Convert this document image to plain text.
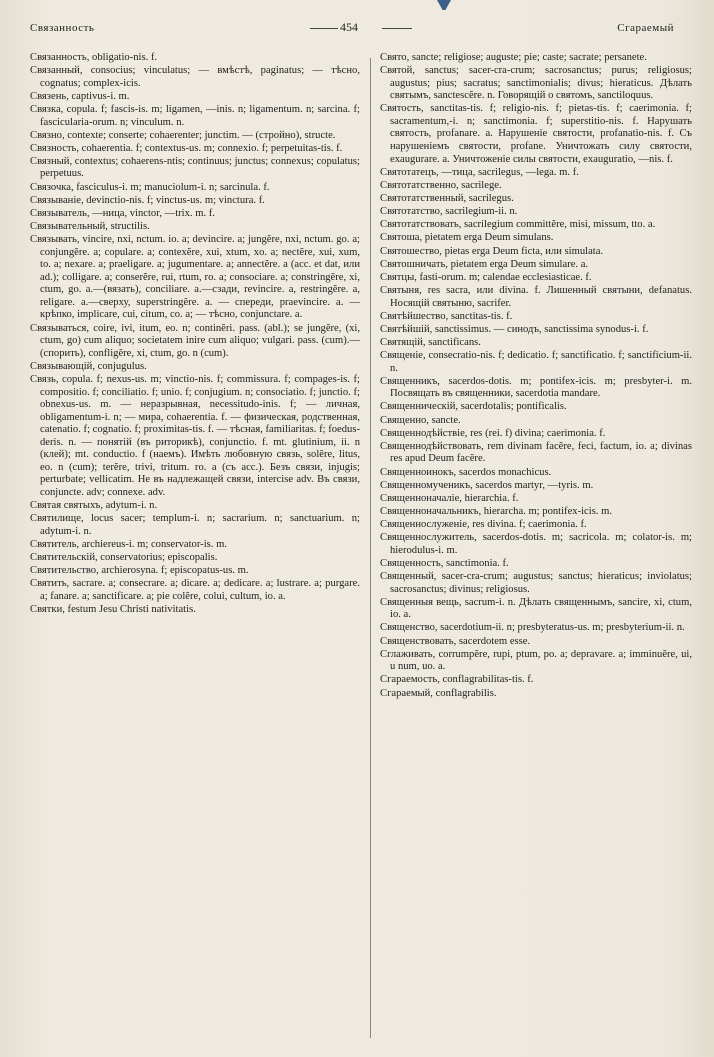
Связанность	454	Сгараемый

Связанность, obligatio-nis. f.

Связанный, consocius; vinculatus; — вмѣстѣ, paginatus; — тѣсно, cognatus; complex-icis.

Связень, captivus-i. m.

Связка, copula. f; fascis-is. m; ligamen, —inis. n; ligamentum. n; sarcina. f; fascicularia-orum. n; vinculum. n.

Связно, contexte; conserte; cohaerenter; junctim. — (стройно), structe.

Связность, cohaerentia. f; contextus-us. m; connexio. f; perpetuitas-tis. f.

Связный, contextus; cohaerens-ntis; continuus; junctus; connexus; copulatus; perpetuus.

Связочка, fasciculus-i. m; manuciolum-i. n; sarcinula. f.

Связываніе, devinctio-nis. f; vinctus-us. m; vinctura. f.

Связыватель, —ница, vinctor, —trix. m. f.

Связывательный, structilis.

Связывать, vincire, nxi, nctum. io. a; devincire. a; jungĕre, nxi, nctum. go. a; conjungĕre. a; copulare. a; contexĕre, xui, xtum, xo. a; nectĕre, xui, xum, to. a; nexare. a; praeligare. a; jugumentare. a; annectĕre. a (acc. et dat, или ad.); colligare. a; conserĕre, rui, rtum, ro. a; consociare. a; constringĕre, xi, ctum, go. a.—(вязать), conciliare. a.—сзади, revincire. a, restringĕre. a, religare. a.—сверху, superstringĕre. a. — спереди, praevincire. a. — крѣпко, implicare, cui, citum, co. a; — тѣсно, conjunctare. a.

Связываться, coire, ivi, itum, eo. n; continĕri. pass. (abl.); se jungĕre, (xi, ctum, go) cum aliquo; societatem inire cum aliquo; vulgari. pass. (cum).—(спорить), confligĕre, xi, ctum, go. n (cum).

Связывающій, conjugulus.

Связь, copula. f; nexus-us. m; vinctio-nis. f; commissura. f; compages-is. f; compositio. f; conciliatio. f; unio. f; conjugium. n; consociatio. f; junctio. f; obnexus-us. m. — неразрывная, necessitudo-inis. f; — личная, obligamentum-i. n; — мира, cohaerentia. f. — физическая, родственная, catenatio. f; cognatio. f; proximitas-tis. f. — тѣсная, familiaritas. f; foedus-deris. n. — понятій (въ риторикѣ), conjunctio. f. mt. glutinium, ii. n (клей); mt. conductio. f (наемъ). Имѣть любовную связь, solĕre, litus, eo. n (cum); terĕre, trivi, tritum. ro. a (съ acc.). Безъ связи, injugis; perturbate; vellicatim. Не въ надлежащей связи, intercise adv. Въ связи, conjuncte. adv; connexe. adv.

Святая святыхъ, adytum-i. n.

Святилище, locus sacer; templum-i. n; sacrarium. n; sanctuarium. n; adytum-i. n.

Святитель, archiereus-i. m; conservator-is. m.

Святительскій, conservatorius; episcopalis.

Святительство, archierosyna. f; episcopatus-us. m.

Святить, sacrare. a; consecrare. a; dicare. a; dedicare. a; lustrare. a; purgare. a; fanare. a; sanctificare. a; pie colĕre, colui, cultum, io. a.

Святки, festum Jesu Christi nativitatis.

Свято, sancte; religiose; auguste; pie; caste; sacrate; persanete.

Святой, sanctus; sacer-cra-crum; sacrosanctus; purus; religiosus; augustus; pius; sacratus; sanctimonialis; divus; hieraticus. Дѣлать святымъ, sanctescĕre. n. Говорящій о святомъ, sanctiloquus.

Святость, sanctitas-tis. f; religio-nis. f; pietas-tis. f; caerimonia. f; sacramentum,-i. n; sanctimonia. f; superstitio-nis. f. Нарушать святость, profanare. a. Нарушеніе святости, profanatio-nis. f. Съ нарушеніемъ святости, profane. Уничтожать силу святости, exaugurare. a. Уничтоженіе силы святости, exauguratio, —nis. f.

Святотатецъ, —тица, sacrilegus, —lega. m. f.

Святотатственно, sacrilege.

Святотатственный, sacrilegus.

Святотатство, sacrilegium-ii. n.

Святотатствовать, sacrilegium committĕre, misi, missum, tto. a.

Святоша, pietatem erga Deum simulans.

Святошество, pietas erga Deum ficta, или simulata.

Святошничать, pietatem erga Deum simulare. a.

Святцы, fasti-orum. m; calendae ecclesiasticae. f.

Святыня, res sacra, или divina. f. Лишенный святыни, defanatus. Носящій святыню, sacrifer.

Святѣйшество, sanctitas-tis. f.

Святѣйшій, sanctissimus. — синодъ, sanctissima synodus-i. f.

Святящій, sanctificans.

Священіе, consecratio-nis. f; dedicatio. f; sanctificatio. f; sanctificium-ii. n.

Священникъ, sacerdos-dotis. m; pontifex-icis. m; presbyter-i. m. Посвящать въ священники, sacerdotia mandare.

Священническій, sacerdotalis; pontificalis.

Священно, sancte.

Священнодѣйствіе, res (rei. f) divina; caerimonia. f.

Священнодѣйствовать, rem divinam facĕre, feci, factum, io. a; divinas res apud Deum facĕre.

Священноинокъ, sacerdos monachicus.

Священномученикъ, sacerdos martyr, —tyris. m.

Священноначаліе, hierarchia. f.

Священноначальникъ, hierarcha. m; pontifex-icis. m.

Священнослуженіе, res divina. f; caerimonia. f.

Священнослужитель, sacerdos-dotis. m; sacricola. m; colator-is. m; hierodulus-i. m.

Священность, sanctimonia. f.

Священный, sacer-cra-crum; augustus; sanctus; hieraticus; inviolatus; sacrosanctus; divinus; religiosus.

Священныя вещь, sacrum-i. n. Дѣлать священнымъ, sancire, xi, ctum, io. a.

Священство, sacerdotium-ii. n; presbyteratus-us. m; presbyterium-ii. n.

Священствовать, sacerdotem esse.

Сглаживать, corrumpĕre, rupi, ptum, po. a; depravare. a; imminuĕre, ui, u num, uo. a.

Сгараемость, conflagrabilitas-tis. f.

Сгараемый, conflagrabilis.
